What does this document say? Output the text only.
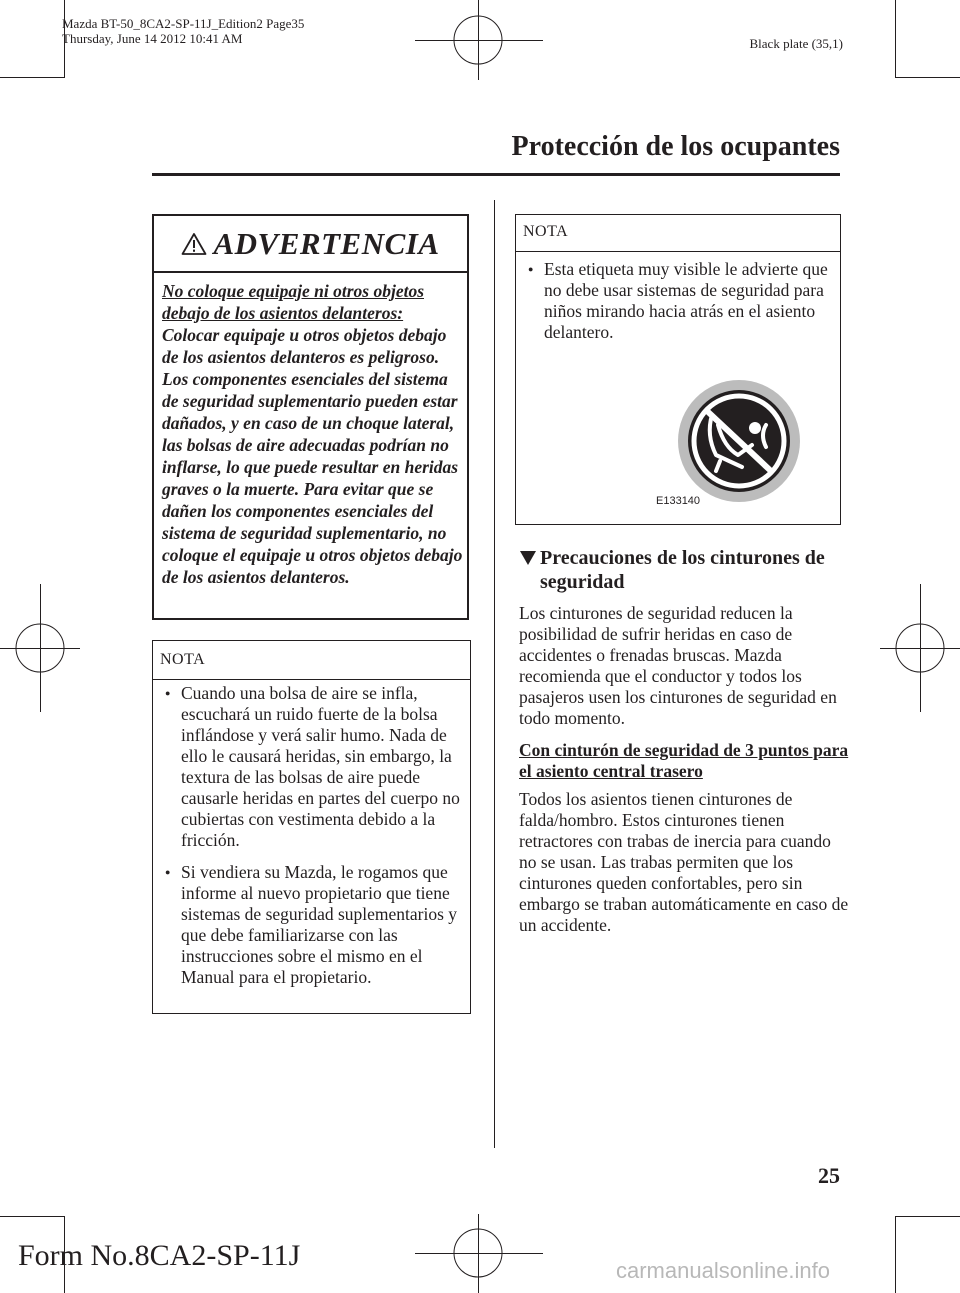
Mazda BT-50_8CA2-SP-11J_Edition2 Page35
Thursday, June 14 2012 10:41 AM	Black plate (35,1)
Protección de los ocupantes
ADVERTENCIA

No coloque equipaje ni otros objetos debajo de los asientos delanteros:

Colocar equipaje u otros objetos debajo de los asientos delanteros es peligroso. Los componentes esenciales del sistema de seguridad suplementario pueden estar dañados, y en caso de un choque lateral, las bolsas de aire adecuadas podrían no inflarse, lo que puede resultar en heridas graves o la muerte. Para evitar que se dañen los componentes esenciales del sistema de seguridad suplementario, no coloque el equipaje u otros objetos debajo de los asientos delanteros.

NOTA
● Cuando una bolsa de aire se infla, escuchará un ruido fuerte de la bolsa inflándose y verá salir humo. Nada de ello le causará heridas, sin embargo, la textura de las bolsas de aire puede causarle heridas en partes del cuerpo no cubiertas con vestimenta debido a la fricción.
● Si vendiera su Mazda, le rogamos que informe al nuevo propietario que tiene sistemas de seguridad suplementarios y que debe familiarizarse con las instrucciones sobre el mismo en el Manual para el propietario.
NOTA
● Esta etiqueta muy visible le advierte que no debe usar sistemas de seguridad para niños mirando hacia atrás en el asiento delantero.
E133140
Precauciones de los cinturones de seguridad

Los cinturones de seguridad reducen la posibilidad de sufrir heridas en caso de accidentes o frenadas bruscas. Mazda recomienda que el conductor y todos los pasajeros usen los cinturones de seguridad en todo momento.

Con cinturón de seguridad de 3 puntos para el asiento central trasero

Todos los asientos tienen cinturones de falda/hombro. Estos cinturones tienen retractores con trabas de inercia para cuando no se usan. Las trabas permiten que los cinturones queden confortables, pero sin embargo se traban automáticamente en caso de un accidente.

25
Form No.8CA2-SP-11J	carmanualsonline.info
